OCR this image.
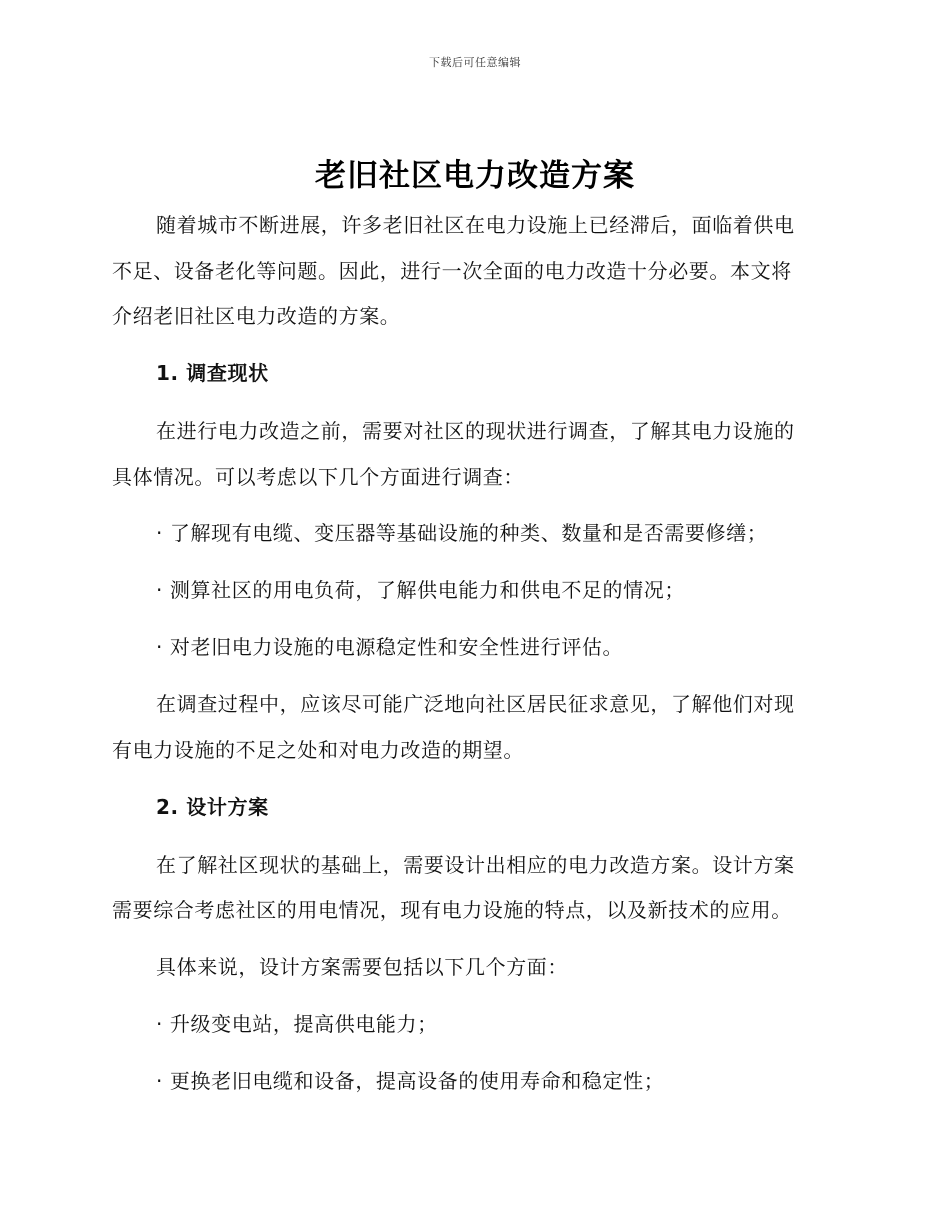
下载后可任意编辑
老旧社区电力改造方案
随着城市不断进展，许多老旧社区在电力设施上已经滞后，面临着供电
不足、设备老化等问题。因此，进行一次全面的电力改造十分必要。本文将
介绍老旧社区电力改造的方案。
1. 调查现状
在进行电力改造之前，需要对社区的现状进行调查，了解其电力设施的
具体情况。可以考虑以下几个方面进行调查：
· 了解现有电缆、变压器等基础设施的种类、数量和是否需要修缮；
· 测算社区的用电负荷，了解供电能力和供电不足的情况；
· 对老旧电力设施的电源稳定性和安全性进行评估。
在调查过程中，应该尽可能广泛地向社区居民征求意见，了解他们对现
有电力设施的不足之处和对电力改造的期望。
2. 设计方案
在了解社区现状的基础上，需要设计出相应的电力改造方案。设计方案
需要综合考虑社区的用电情况，现有电力设施的特点，以及新技术的应用。
具体来说，设计方案需要包括以下几个方面：
· 升级变电站，提高供电能力；
· 更换老旧电缆和设备，提高设备的使用寿命和稳定性；
